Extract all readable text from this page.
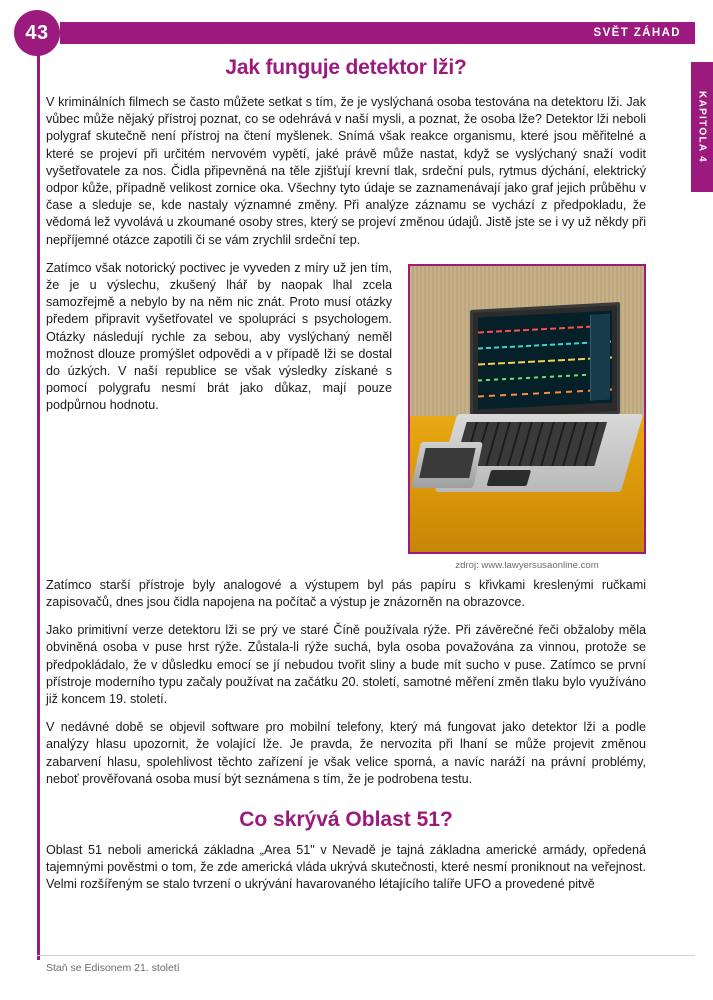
43	SVĚT ZÁHAD
KAPITOLA 4
Jak funguje detektor lži?

V kriminálních filmech se často můžete setkat s tím, že je vyslýchaná osoba testována na detektoru lži. Jak vůbec může nějaký přístroj poznat, co se odehrává v naší mysli, a poznat, že osoba lže? Detektor lži neboli polygraf skutečně není přístroj na čtení myšlenek. Snímá však reakce organismu, které jsou měřitelné a které se projeví při určitém nervovém vypětí, jaké právě může nastat, když se vyslýchaný snaží vodit vyšetřovatele za nos. Čidla připevněná na těle zjišťují krevní tlak, srdeční puls, rytmus dýchání, elektrický odpor kůže, případně velikost zornice oka. Všechny tyto údaje se zaznamenávají jako graf jejich průběhu v čase a sleduje se, kde nastaly významné změny. Při analýze záznamu se vychází z předpokladu, že vědomá lež vyvolává u zkoumané osoby stres, který se projeví změnou údajů. Jistě jste se i vy už někdy při nepříjemné otázce zapotili či se vám zrychlil srdeční tep.

zdroj: www.lawyersusaonline.com

Zatímco však notorický poctivec je vyveden z míry už jen tím, že je u výslechu, zkušený lhář by naopak lhal zcela samozřejmě a nebylo by na něm nic znát. Proto musí otázky předem připravit vyšetřovatel ve spolupráci s psychologem. Otázky následují rychle za sebou, aby vyslýchaný neměl možnost dlouze promýšlet odpovědi a v případě lži se dostal do úzkých. V naší republice se však výsledky získané s pomocí polygrafu nesmí brát jako důkaz, mají pouze podpůrnou hodnotu.

Zatímco starší přístroje byly analogové a výstupem byl pás papíru s křivkami kreslenými ručkami zapisovačů, dnes jsou čidla napojena na počítač a výstup je znázorněn na obrazovce.

Jako primitivní verze detektoru lži se prý ve staré Číně používala rýže. Při závěrečné řeči obžaloby měla obviněná osoba v puse hrst rýže. Zůstala-li rýže suchá, byla osoba považována za vinnou, protože se předpokládalo, že v důsledku emocí se jí nebudou tvořit sliny a bude mít sucho v puse. Zatímco se první přístroje moderního typu začaly používat na začátku 20. století, samotné měření změn tlaku bylo využíváno již koncem 19. století.

V nedávné době se objevil software pro mobilní telefony, který má fungovat jako detektor lži a podle analýzy hlasu upozornit, že volající lže. Je pravda, že nervozita při lhaní se může projevit změnou zabarvení hlasu, spolehlivost těchto zařízení je však velice sporná, a navíc naráží na právní problémy, neboť prověřovaná osoba musí být seznámena s tím, že je podrobena testu.

Co skrývá Oblast 51?

Oblast 51 neboli americká základna „Area 51" v Nevadě je tajná základna americké armády, opředená tajemnými pověstmi o tom, že zde americká vláda ukrývá skutečnosti, které nesmí proniknout na veřejnost. Velmi rozšířeným se stalo tvrzení o ukrývání havarovaného létajícího talíře UFO a provedené pitvě

Staň se Edisonem 21. století
